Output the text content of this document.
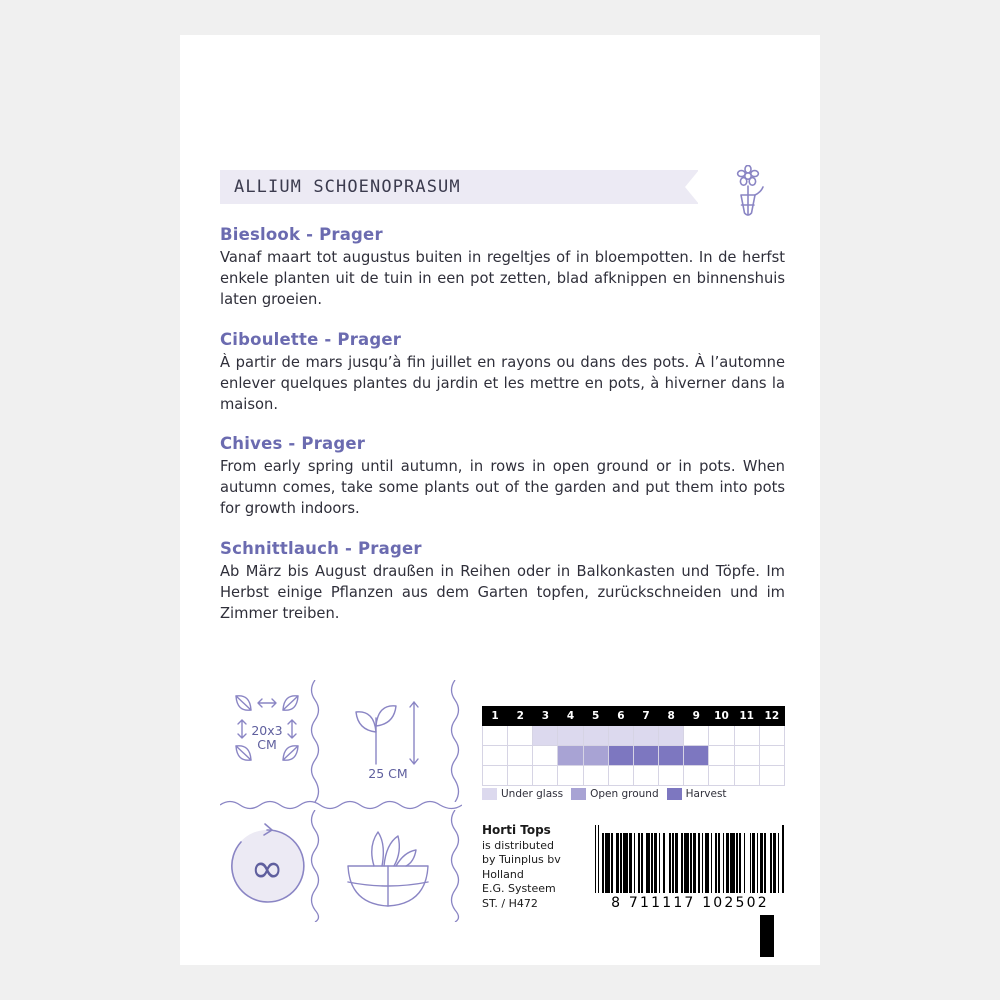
ALLIUM SCHOENOPRASUM

Bieslook - Prager

Vanaf maart tot augustus buiten in regeltjes of in bloempotten. In de herfst enkele planten uit de tuin in een pot zetten, blad afknippen en binnenshuis laten groeien.

Ciboulette - Prager

À partir de mars jusqu’à fin juillet en rayons ou dans des pots. À l’automne enlever quelques plantes du jardin et les mettre en pots, à hiverner dans la maison.

Chives - Prager

From early spring until autumn, in rows in open ground or in pots. When autumn comes, take some plants out of the garden and put them into pots for growth indoors.

Schnittlauch - Prager

Ab März bis August draußen in Reihen oder in Balkonkasten und Töpfe. Im Herbst einige Pflanzen aus dem Garten topfen, zurückschneiden und im Zimmer treiben.

20x3
CM
25 CM
∞
1	2	3	4	5	6	7	8	9	10	11	12

Under glass	Open ground	Harvest
Horti Tops
is distributed
by Tuinplus bv
Holland
E.G. Systeem
ST. / H472	8 711117 102502
